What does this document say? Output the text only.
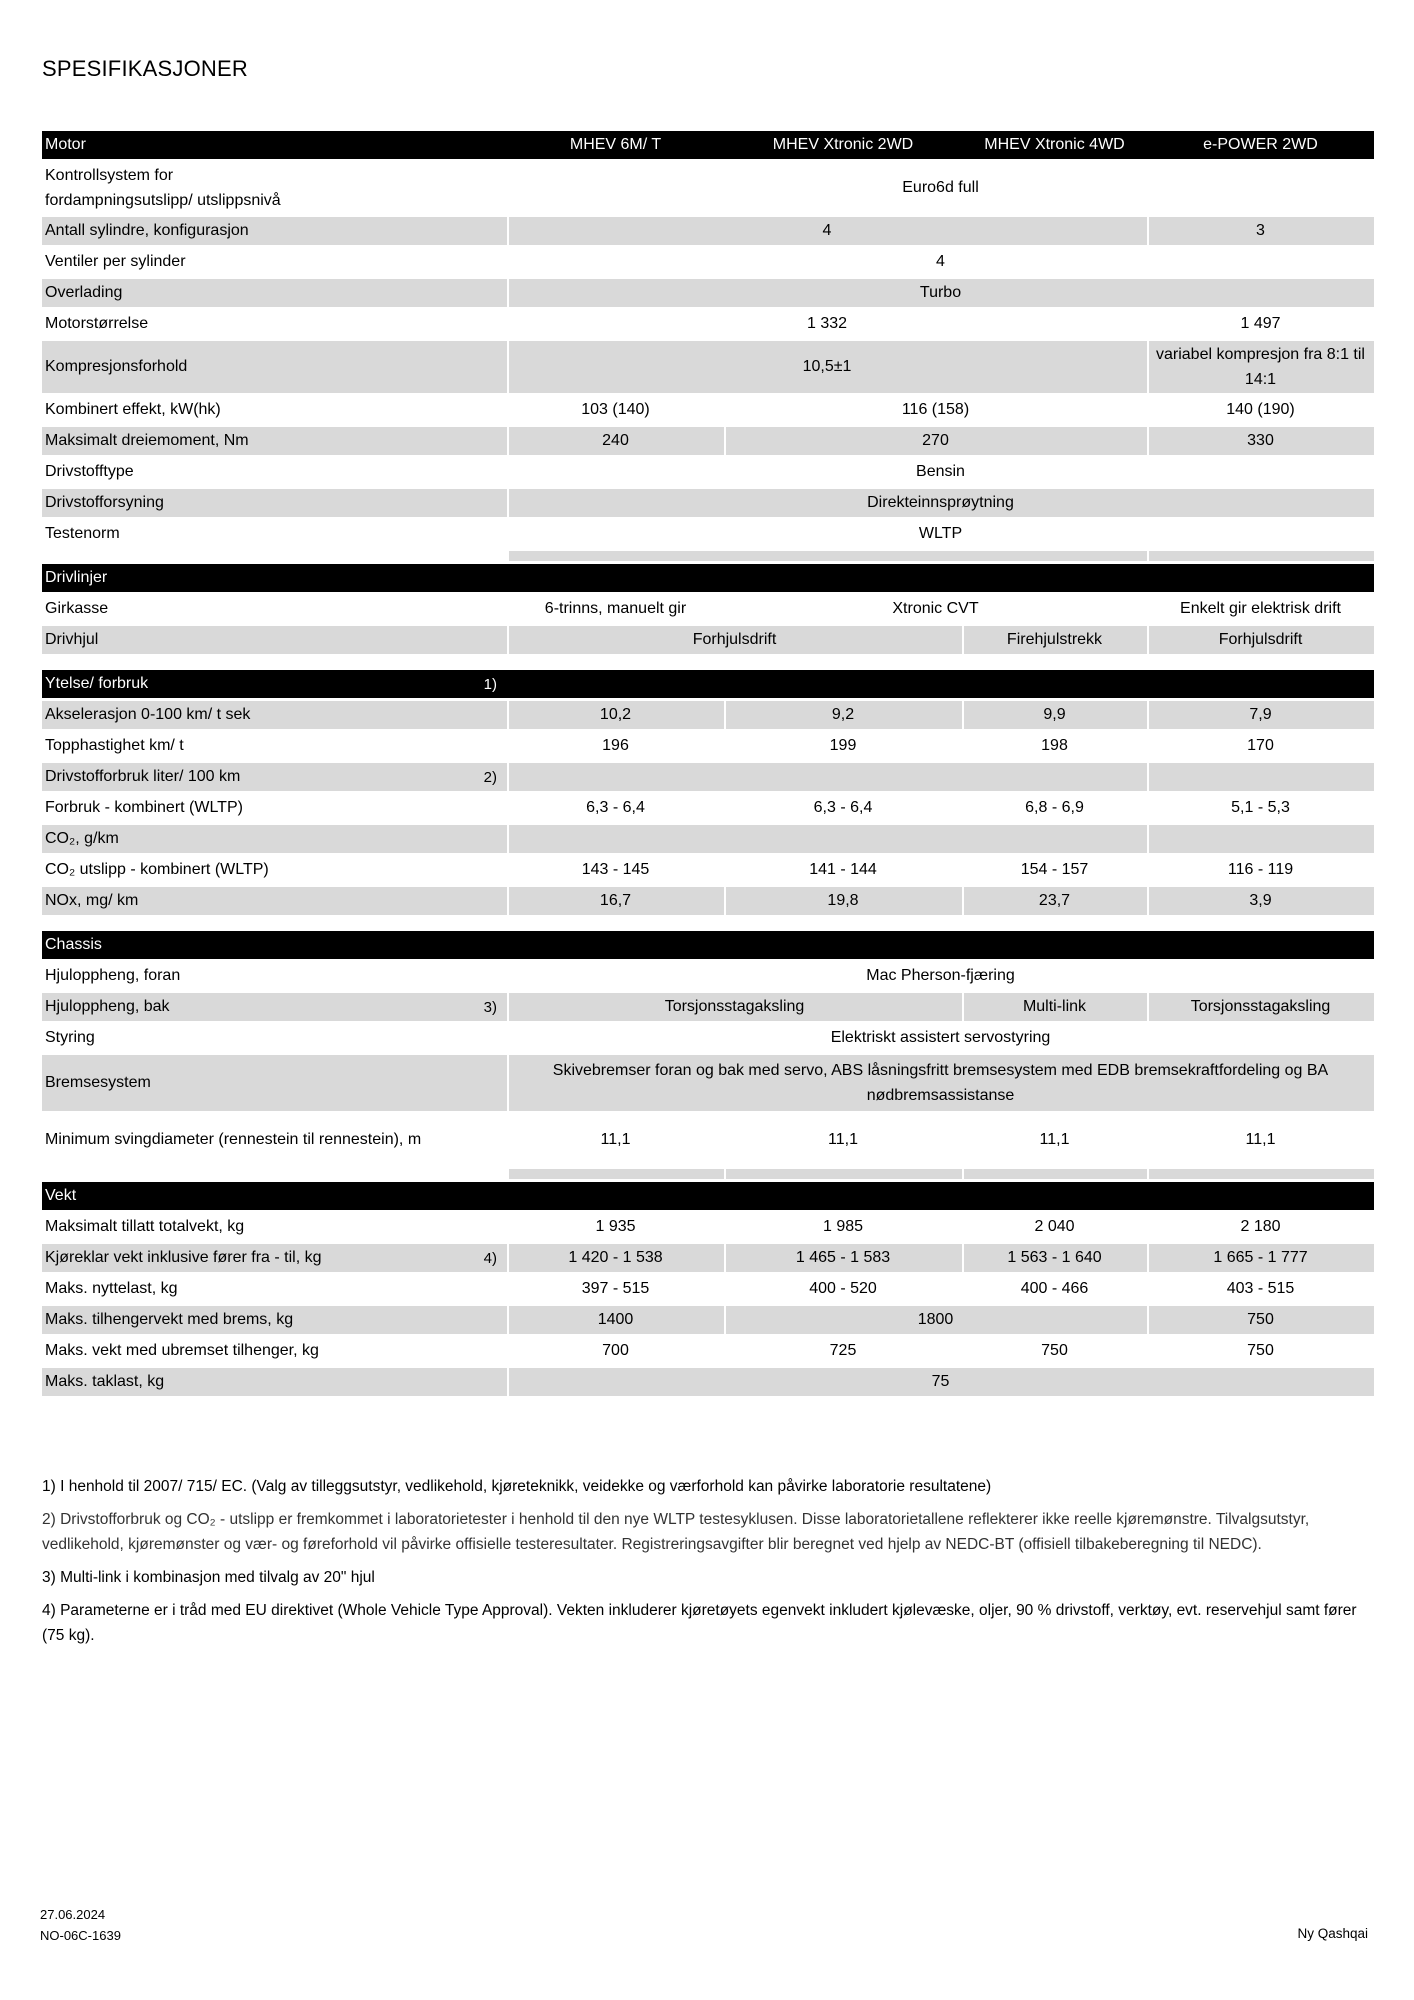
SPESIFIKASJONER
Motor		MHEV 6M/ T	MHEV Xtronic 2WD	MHEV Xtronic 4WD	e-POWER 2WD
Kontrollsystem for
fordampningsutslipp/ utslippsnivå		Euro6d full			
Antall sylindre, konfigurasjon		4			3
Ventiler per sylinder		4			
Overlading		Turbo			
Motorstørrelse		1 332			1 497
Kompresjonsforhold		10,5±1			variabel kompresjon fra 8:1 til 14:1
Kombinert effekt, kW(hk)		103 (140)	116 (158)		140 (190)
Maksimalt dreiemoment, Nm		240	270		330
Drivstofftype		Bensin			
Drivstofforsyning		Direkteinnsprøytning			
Testenorm		WLTP			

Drivlinjer					
Girkasse		6-trinns, manuelt gir	Xtronic CVT		Enkelt gir elektrisk drift
Drivhjul		Forhjulsdrift		Firehjulstrekk	Forhjulsdrift

Ytelse/ forbruk	1)				
Akselerasjon 0-100 km/ t sek		10,2	9,2	9,9	7,9
Topphastighet km/ t		196	199	198	170
Drivstofforbruk liter/ 100 km	2)				
Forbruk - kombinert (WLTP)		6,3 - 6,4	6,3 - 6,4	6,8 - 6,9	5,1 - 5,3
CO₂, g/km					
CO₂ utslipp - kombinert (WLTP)		143 - 145	141 - 144	154 - 157	116 - 119
NOx, mg/ km		16,7	19,8	23,7	3,9

Chassis					
Hjuloppheng, foran		Mac Pherson-fjæring			
Hjuloppheng, bak	3)	Torsjonsstagaksling		Multi-link	Torsjonsstagaksling
Styring		Elektriskt assistert servostyring			
Bremsesystem		Skivebremser foran og bak med servo, ABS låsningsfritt bremsesystem med EDB bremsekraftfordeling og BA
nødbremsassistanse			
Minimum svingdiameter (rennestein til rennestein), m		11,1	11,1	11,1	11,1

Vekt					
Maksimalt tillatt totalvekt, kg		1 935	1 985	2 040	2 180
Kjøreklar vekt inklusive fører fra - til, kg	4)	1 420 - 1 538	1 465 - 1 583	1 563 - 1 640	1 665 - 1 777
Maks. nyttelast, kg		397 - 515	400 - 520	400 - 466	403 - 515
Maks. tilhengervekt med brems, kg		1400	1800		750
Maks. vekt med ubremset tilhenger, kg		700	725	750	750
Maks. taklast, kg		75			

1) I henhold til 2007/ 715/ EC. (Valg av tilleggsutstyr, vedlikehold, kjøreteknikk, veidekke og værforhold kan påvirke laboratorie resultatene)

2) Drivstofforbruk og CO₂ - utslipp er fremkommet i laboratorietester i henhold til den nye WLTP testesyklusen. Disse laboratorietallene reflekterer ikke reelle kjøremønstre. Tilvalgsutstyr, vedlikehold, kjøremønster og vær- og føreforhold vil påvirke offisielle testeresultater. Registreringsavgifter blir beregnet ved hjelp av NEDC-BT (offisiell tilbakeberegning til NEDC).

3) Multi-link i kombinasjon med tilvalg av 20" hjul

4) Parameterne er i tråd med EU direktivet (Whole Vehicle Type Approval). Vekten inkluderer kjøretøyets egenvekt inkludert kjølevæske, oljer, 90 % drivstoff, verktøy, evt. reservehjul samt fører (75 kg).

27.06.2024
NO-06C-1639	Ny Qashqai
